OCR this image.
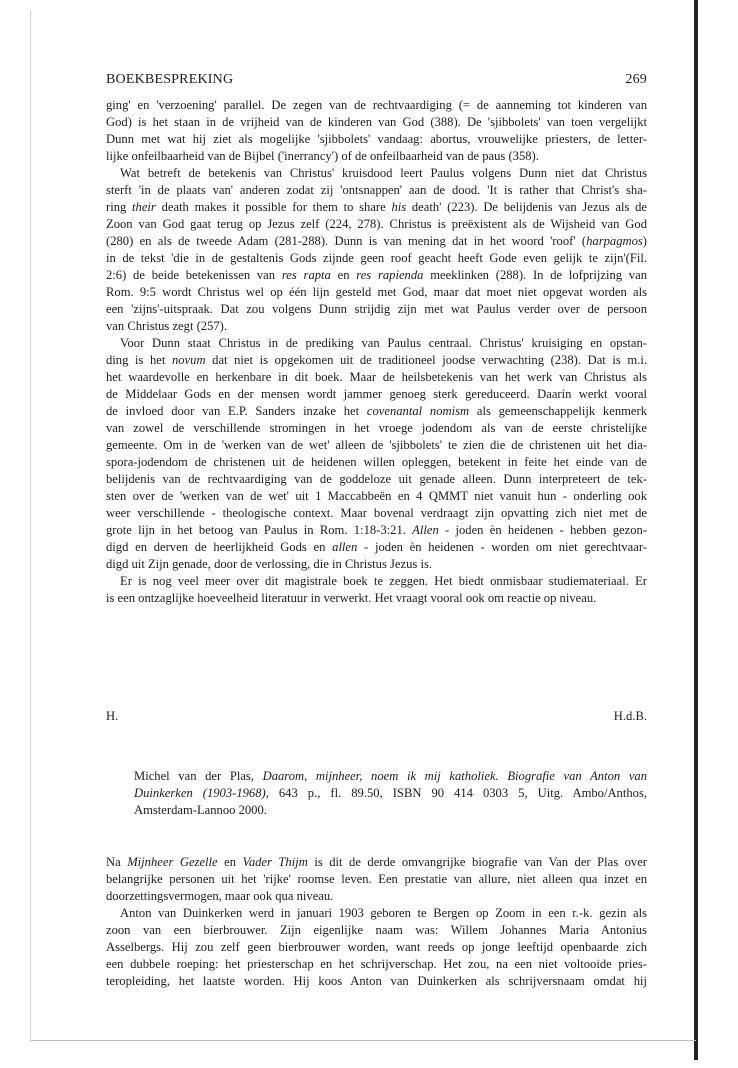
BOEKBESPREKING	269
ging' en 'verzoening' parallel. De zegen van de rechtvaardiging (= de aanneming tot kinderen van
God) is het staan in de vrijheid van de kinderen van God (388). De 'sjibbolets' van toen vergelijkt
Dunn met wat hij ziet als mogelijke 'sjibbolets' vandaag: abortus, vrouwelijke priesters, de letter-
lijke onfeilbaarheid van de Bijbel ('inerrancy') of de onfeilbaarheid van de paus (358).
Wat betreft de betekenis van Christus' kruisdood leert Paulus volgens Dunn niet dat Christus
sterft 'in de plaats van' anderen zodat zij 'ontsnappen' aan de dood. 'It is rather that Christ's sha-
ring their death makes it possible for them to share his death' (223). De belijdenis van Jezus als de
Zoon van God gaat terug op Jezus zelf (224, 278). Christus is preëxistent als de Wijsheid van God
(280) en als de tweede Adam (281-288). Dunn is van mening dat in het woord 'roof' (harpagmos)
in de tekst 'die in de gestaltenis Gods zijnde geen roof geacht heeft Gode even gelijk te zijn'(Fil.
2:6) de beide betekenissen van res rapta en res rapienda meeklinken (288). In de lofprijzing van
Rom. 9:5 wordt Christus wel op één lijn gesteld met God, maar dat moet niet opgevat worden als
een 'zijns'-uitspraak. Dat zou volgens Dunn strijdig zijn met wat Paulus verder over de persoon
van Christus zegt (257).
Voor Dunn staat Christus in de prediking van Paulus centraal. Christus' kruisiging en opstan-
ding is het novum dat niet is opgekomen uit de traditioneel joodse verwachting (238). Dat is m.i.
het waardevolle en herkenbare in dit boek. Maar de heilsbetekenis van het werk van Christus als
de Middelaar Gods en der mensen wordt jammer genoeg sterk gereduceerd. Daarin werkt vooral
de invloed door van E.P. Sanders inzake het covenantal nomism als gemeenschappelijk kenmerk
van zowel de verschillende stromingen in het vroege jodendom als van de eerste christelijke
gemeente. Om in de 'werken van de wet' alleen de 'sjibbolets' te zien die de christenen uit het dia-
spora-jodendom de christenen uit de heidenen willen opleggen, betekent in feite het einde van de
belijdenis van de rechtvaardiging van de goddeloze uit genade alleen. Dunn interpreteert de tek-
sten over de 'werken van de wet' uit 1 Maccabbeën en 4 QMMT niet vanuit hun - onderling ook
weer verschillende - theologische context. Maar bovenal verdraagt zijn opvatting zich niet met de
grote lijn in het betoog van Paulus in Rom. 1:18-3:21. Allen - joden èn heidenen - hebben gezon-
digd en derven de heerlijkheid Gods en allen - joden èn heidenen - worden om niet gerechtvaar-
digd uit Zijn genade, door de verlossing, die in Christus Jezus is.
Er is nog veel meer over dit magistrale boek te zeggen. Het biedt onmisbaar studiemateriaal. Er
is een ontzaglijke hoeveelheid literatuur in verwerkt. Het vraagt vooral ook om reactie op niveau.
H.	H.d.B.
Michel van der Plas, Daarom, mijnheer, noem ik mij katholiek. Biografie van Anton van
Duinkerken (1903-1968), 643 p., fl. 89.50, ISBN 90 414 0303 5, Uitg. Ambo/Anthos,
Amsterdam-Lannoo 2000.
Na Mijnheer Gezelle en Vader Thijm is dit de derde omvangrijke biografie van Van der Plas over
belangrijke personen uit het 'rijke' roomse leven. Een prestatie van allure, niet alleen qua inzet en
doorzettingsvermogen, maar ook qua niveau.
Anton van Duinkerken werd in januari 1903 geboren te Bergen op Zoom in een r.-k. gezin als
zoon van een bierbrouwer. Zijn eigenlijke naam was: Willem Johannes Maria Antonius
Asselbergs. Hij zou zelf geen bierbrouwer worden, want reeds op jonge leeftijd openbaarde zich
een dubbele roeping: het priesterschap en het schrijverschap. Het zou, na een niet voltooide pries-
teropleiding, het laatste worden. Hij koos Anton van Duinkerken als schrijversnaam omdat hij
